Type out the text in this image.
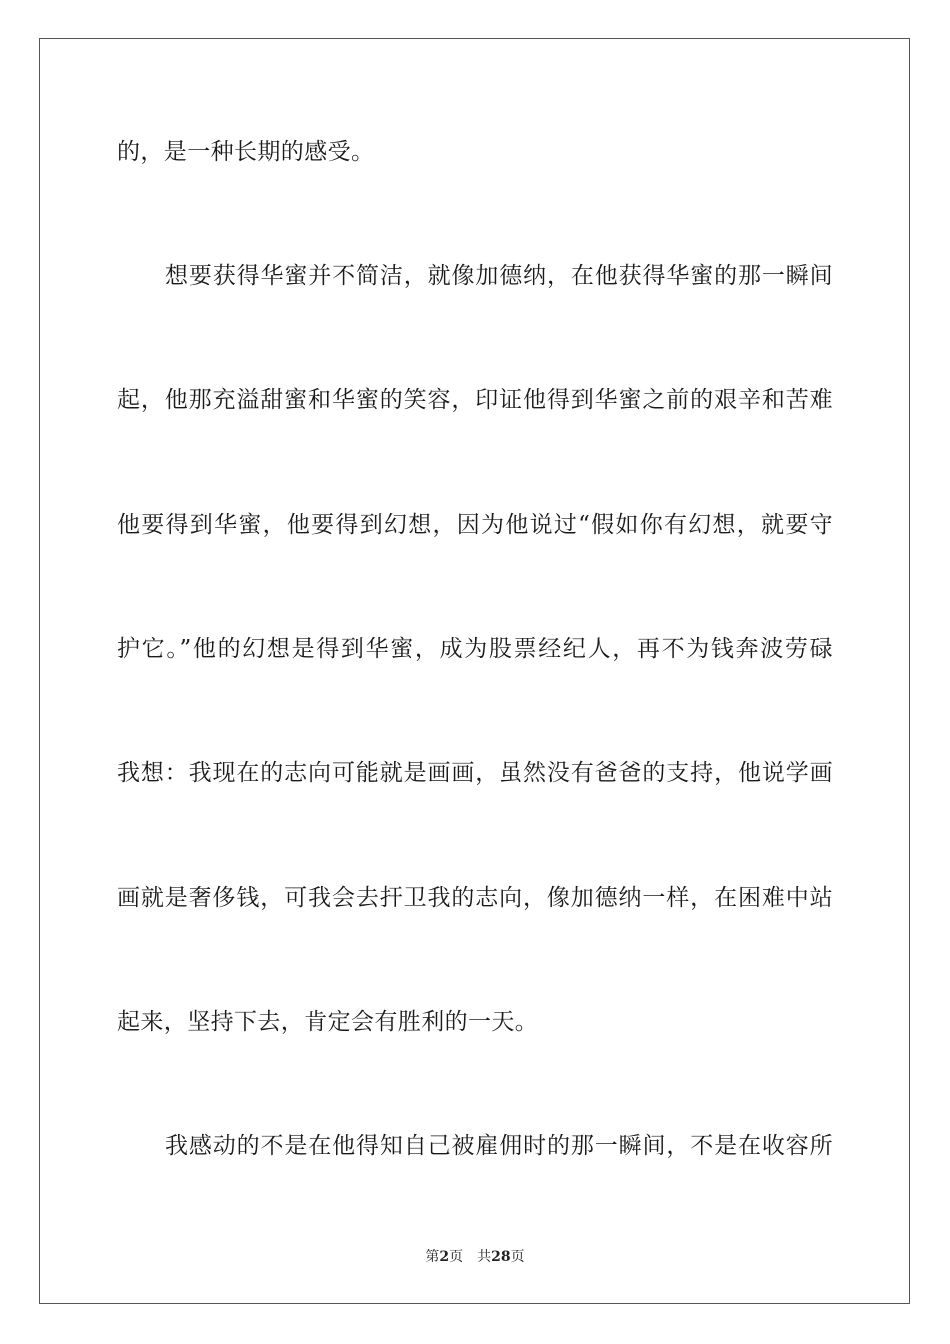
的，是一种长期的感受。
想要获得华蜜并不简洁，就像加德纳，在他获得华蜜的那一瞬间
起，他那充溢甜蜜和华蜜的笑容，印证他得到华蜜之前的艰辛和苦难
他要得到华蜜，他要得到幻想，因为他说过“假如你有幻想，就要守
护它。”他的幻想是得到华蜜，成为股票经纪人，再不为钱奔波劳碌
我想：我现在的志向可能就是画画，虽然没有爸爸的支持，他说学画
画就是奢侈钱，可我会去扞卫我的志向，像加德纳一样，在困难中站
起来，坚持下去，肯定会有胜利的一天。
我感动的不是在他得知自己被雇佣时的那一瞬间，不是在收容所
第2页 共28页
